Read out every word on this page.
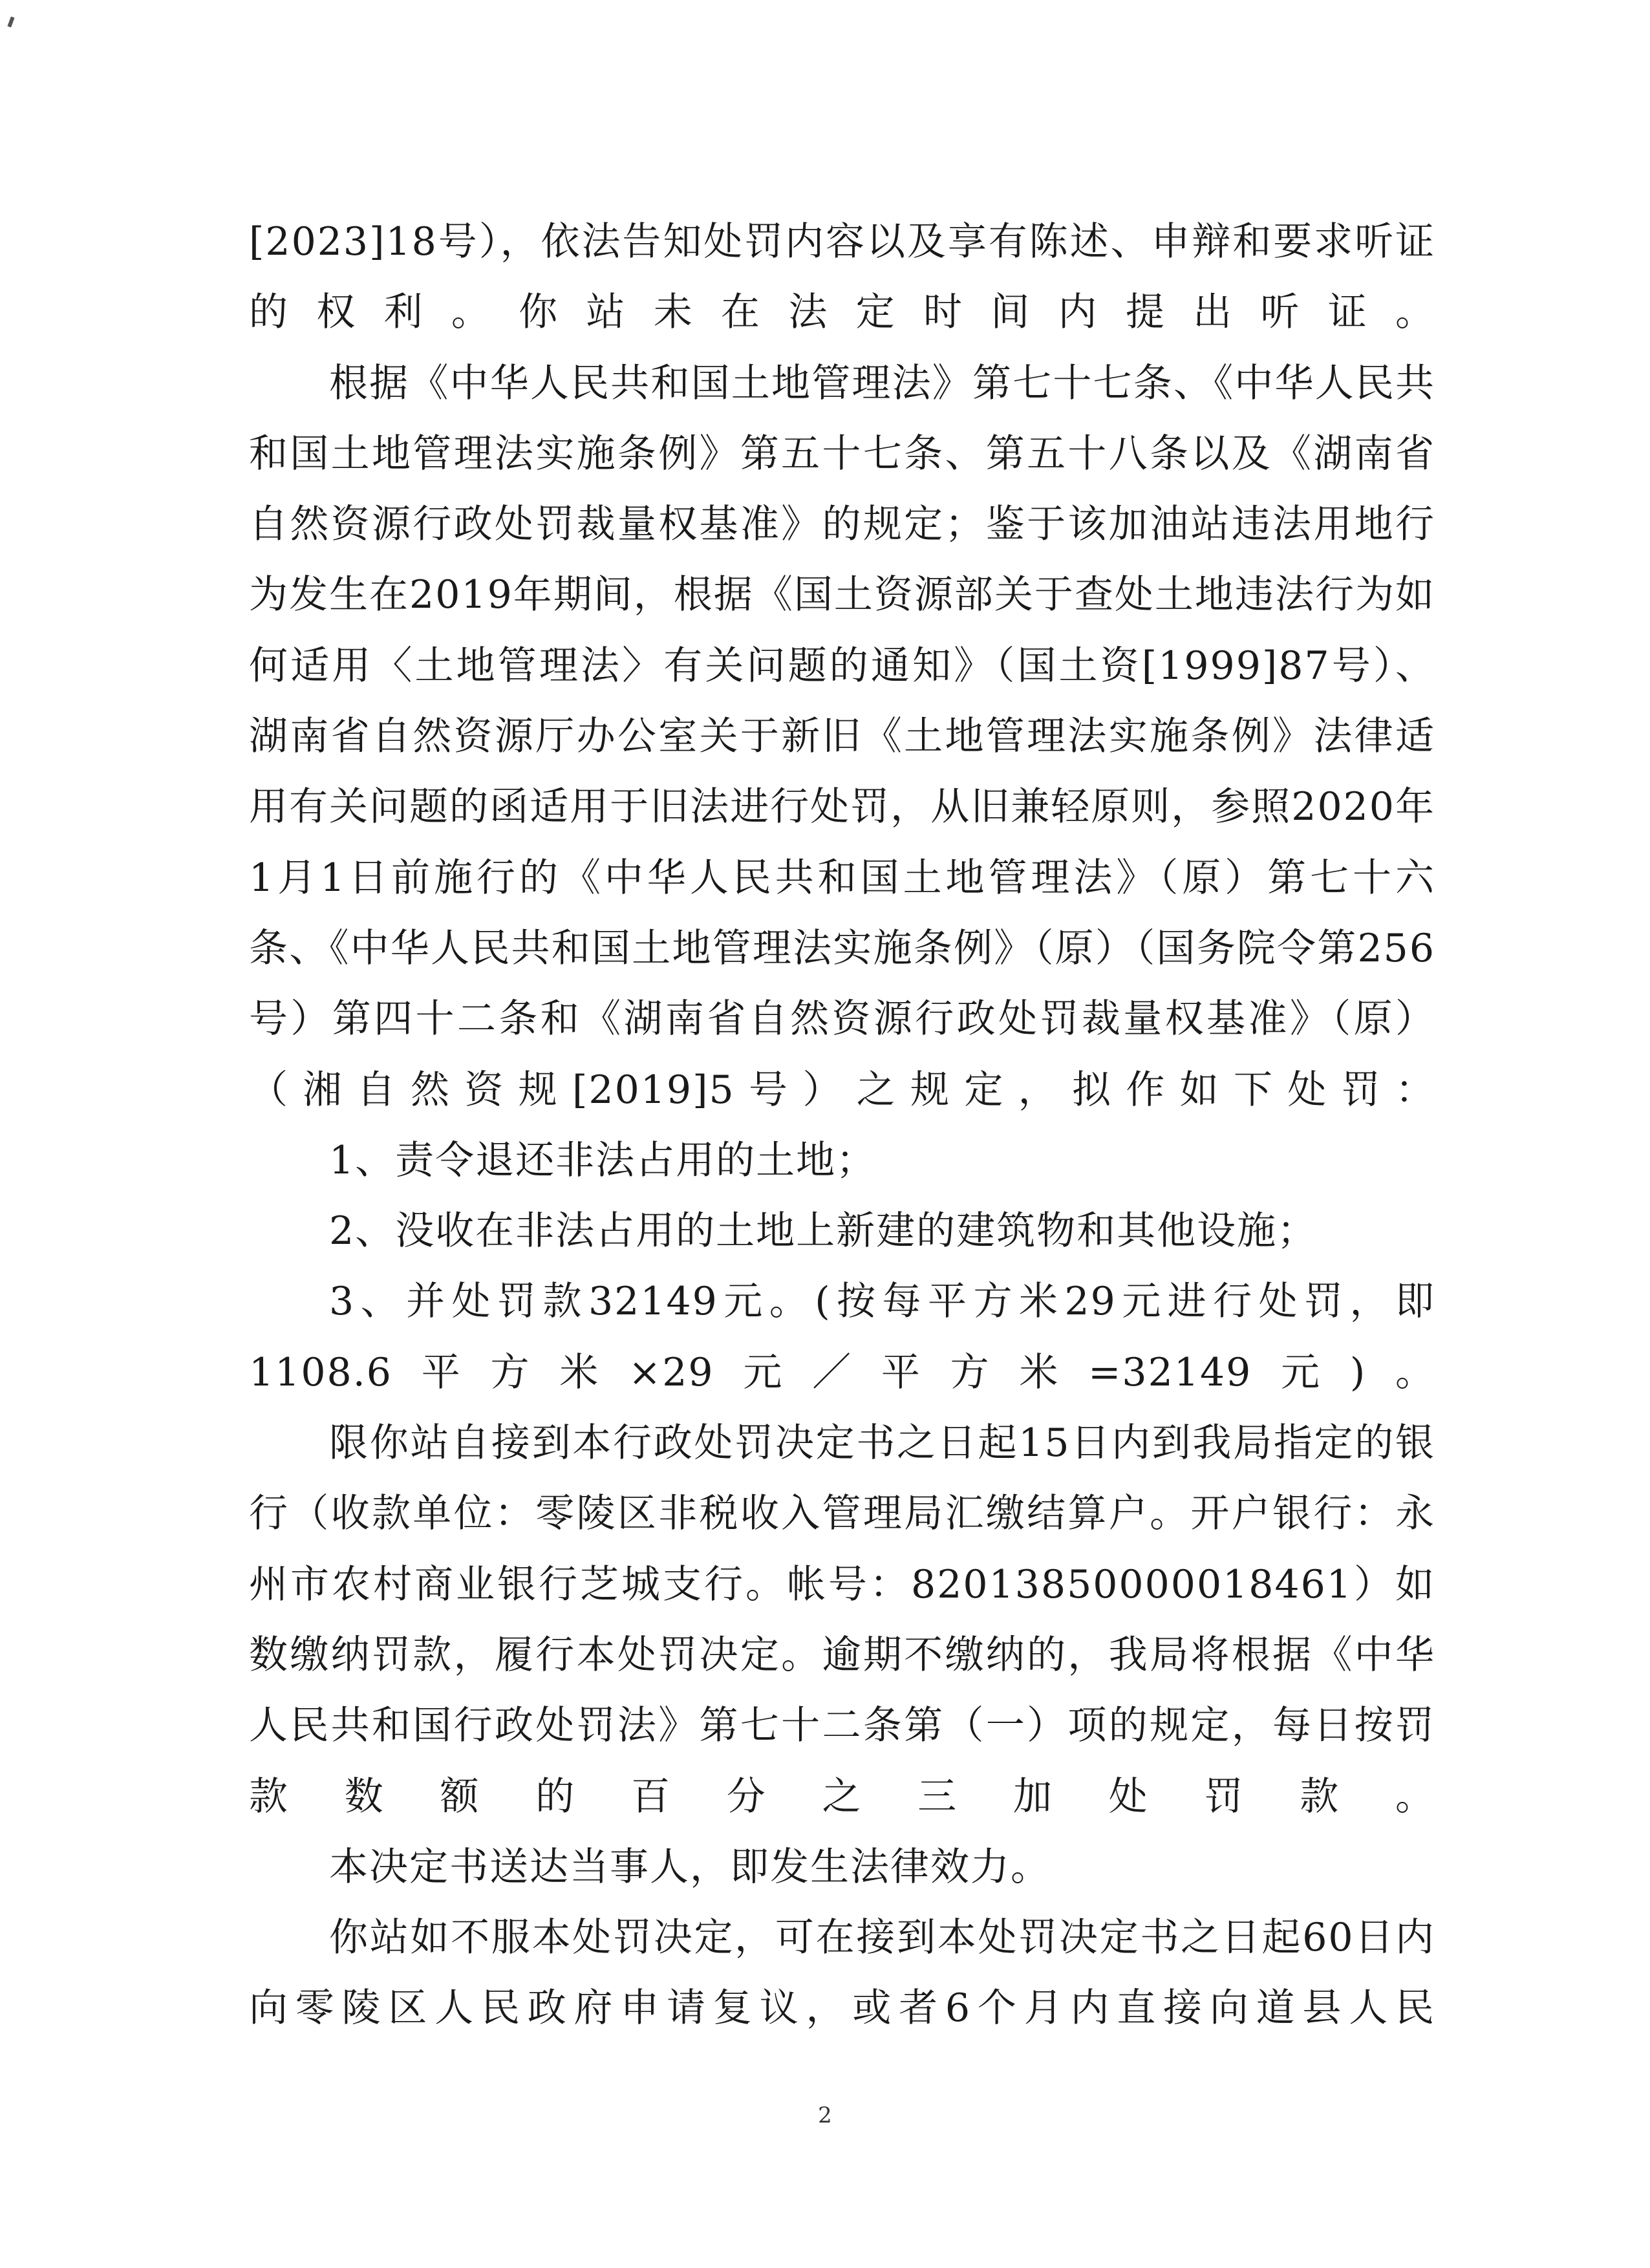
[2023]18号），依法告知处罚内容以及享有陈述、申辩和要求听证的权利。你站未在法定时间内提出听证。

根据《中华人民共和国土地管理法》第七十七条、《中华人民共和国土地管理法实施条例》第五十七条、第五十八条以及《湖南省自然资源行政处罚裁量权基准》的规定；鉴于该加油站违法用地行为发生在2019年期间，根据《国土资源部关于查处土地违法行为如何适用〈土地管理法〉有关问题的通知》（国土资[1999]87号）、湖南省自然资源厅办公室关于新旧《土地管理法实施条例》法律适用有关问题的函适用于旧法进行处罚，从旧兼轻原则，参照2020年1月1日前施行的《中华人民共和国土地管理法》（原）第七十六条、《中华人民共和国土地管理法实施条例》（原）（国务院令第256号）第四十二条和《湖南省自然资源行政处罚裁量权基准》（原）（湘自然资规[2019]5号）之规定，拟作如下处罚：

1、责令退还非法占用的土地；

2、没收在非法占用的土地上新建的建筑物和其他设施；

3、并处罚款32149元。(按每平方米29元进行处罚，即1108.6平方米×29元／平方米=32149元)。

限你站自接到本行政处罚决定书之日起15日内到我局指定的银行（收款单位：零陵区非税收入管理局汇缴结算户。开户银行：永州市农村商业银行芝城支行。帐号：82013850000018461）如数缴纳罚款，履行本处罚决定。逾期不缴纳的，我局将根据《中华人民共和国行政处罚法》第七十二条第（一）项的规定，每日按罚款数额的百分之三加处罚款。

本决定书送达当事人，即发生法律效力。

你站如不服本处罚决定，可在接到本处罚决定书之日起60日内向零陵区人民政府申请复议，或者6个月内直接向道县人民

2
